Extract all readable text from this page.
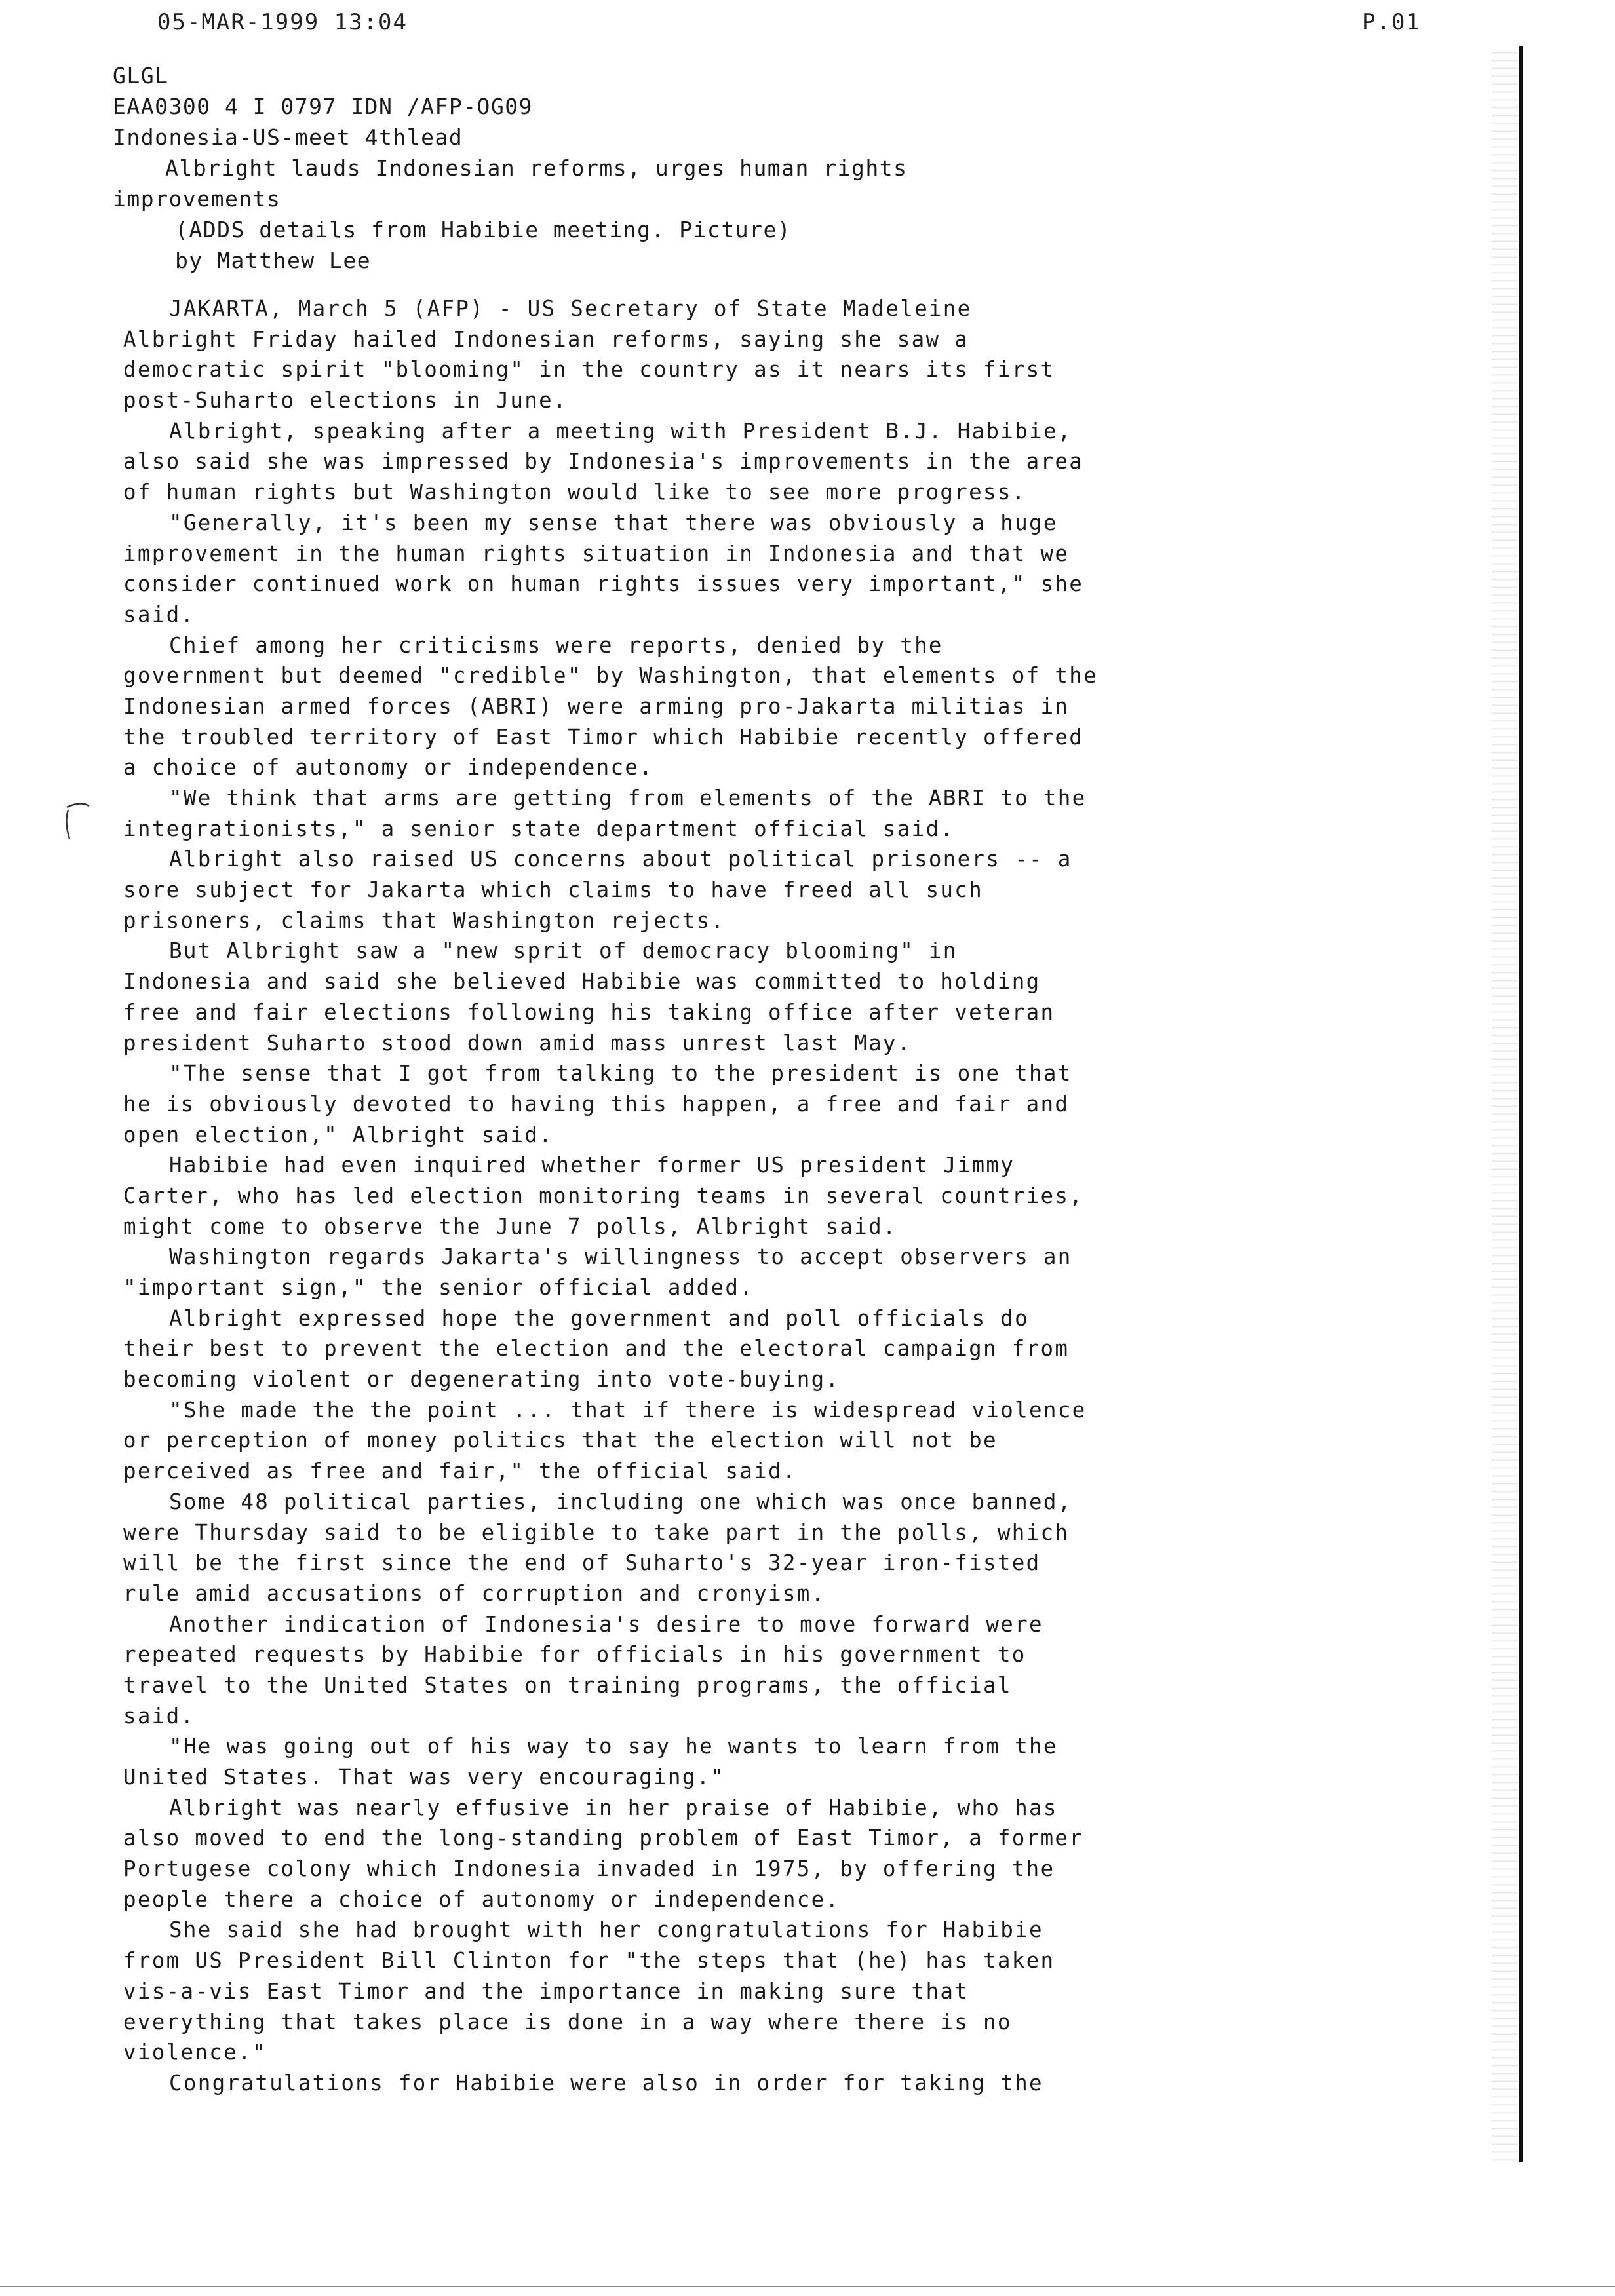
05-MAR-1999 13:04	P.01
GLGL
EAA0300 4 I 0797 IDN /AFP-OG09
Indonesia-US-meet 4thlead
Albright lauds Indonesian reforms, urges human rights
improvements
(ADDS details from Habibie meeting. Picture)
by Matthew Lee
JAKARTA, March 5 (AFP) - US Secretary of State Madeleine
Albright Friday hailed Indonesian reforms, saying she saw a
democratic spirit "blooming" in the country as it nears its first
post-Suharto elections in June.
Albright, speaking after a meeting with President B.J. Habibie,
also said she was impressed by Indonesia's improvements in the area
of human rights but Washington would like to see more progress.
"Generally, it's been my sense that there was obviously a huge
improvement in the human rights situation in Indonesia and that we
consider continued work on human rights issues very important," she
said.
Chief among her criticisms were reports, denied by the
government but deemed "credible" by Washington, that elements of the
Indonesian armed forces (ABRI) were arming pro-Jakarta militias in
the troubled territory of East Timor which Habibie recently offered
a choice of autonomy or independence.
"We think that arms are getting from elements of the ABRI to the
integrationists," a senior state department official said.
Albright also raised US concerns about political prisoners -- a
sore subject for Jakarta which claims to have freed all such
prisoners, claims that Washington rejects.
But Albright saw a "new sprit of democracy blooming" in
Indonesia and said she believed Habibie was committed to holding
free and fair elections following his taking office after veteran
president Suharto stood down amid mass unrest last May.
"The sense that I got from talking to the president is one that
he is obviously devoted to having this happen, a free and fair and
open election," Albright said.
Habibie had even inquired whether former US president Jimmy
Carter, who has led election monitoring teams in several countries,
might come to observe the June 7 polls, Albright said.
Washington regards Jakarta's willingness to accept observers an
"important sign," the senior official added.
Albright expressed hope the government and poll officials do
their best to prevent the election and the electoral campaign from
becoming violent or degenerating into vote-buying.
"She made the the point ... that if there is widespread violence
or perception of money politics that the election will not be
perceived as free and fair," the official said.
Some 48 political parties, including one which was once banned,
were Thursday said to be eligible to take part in the polls, which
will be the first since the end of Suharto's 32-year iron-fisted
rule amid accusations of corruption and cronyism.
Another indication of Indonesia's desire to move forward were
repeated requests by Habibie for officials in his government to
travel to the United States on training programs, the official
said.
"He was going out of his way to say he wants to learn from the
United States. That was very encouraging."
Albright was nearly effusive in her praise of Habibie, who has
also moved to end the long-standing problem of East Timor, a former
Portugese colony which Indonesia invaded in 1975, by offering the
people there a choice of autonomy or independence.
She said she had brought with her congratulations for Habibie
from US President Bill Clinton for "the steps that (he) has taken
vis-a-vis East Timor and the importance in making sure that
everything that takes place is done in a way where there is no
violence."
Congratulations for Habibie were also in order for taking the
